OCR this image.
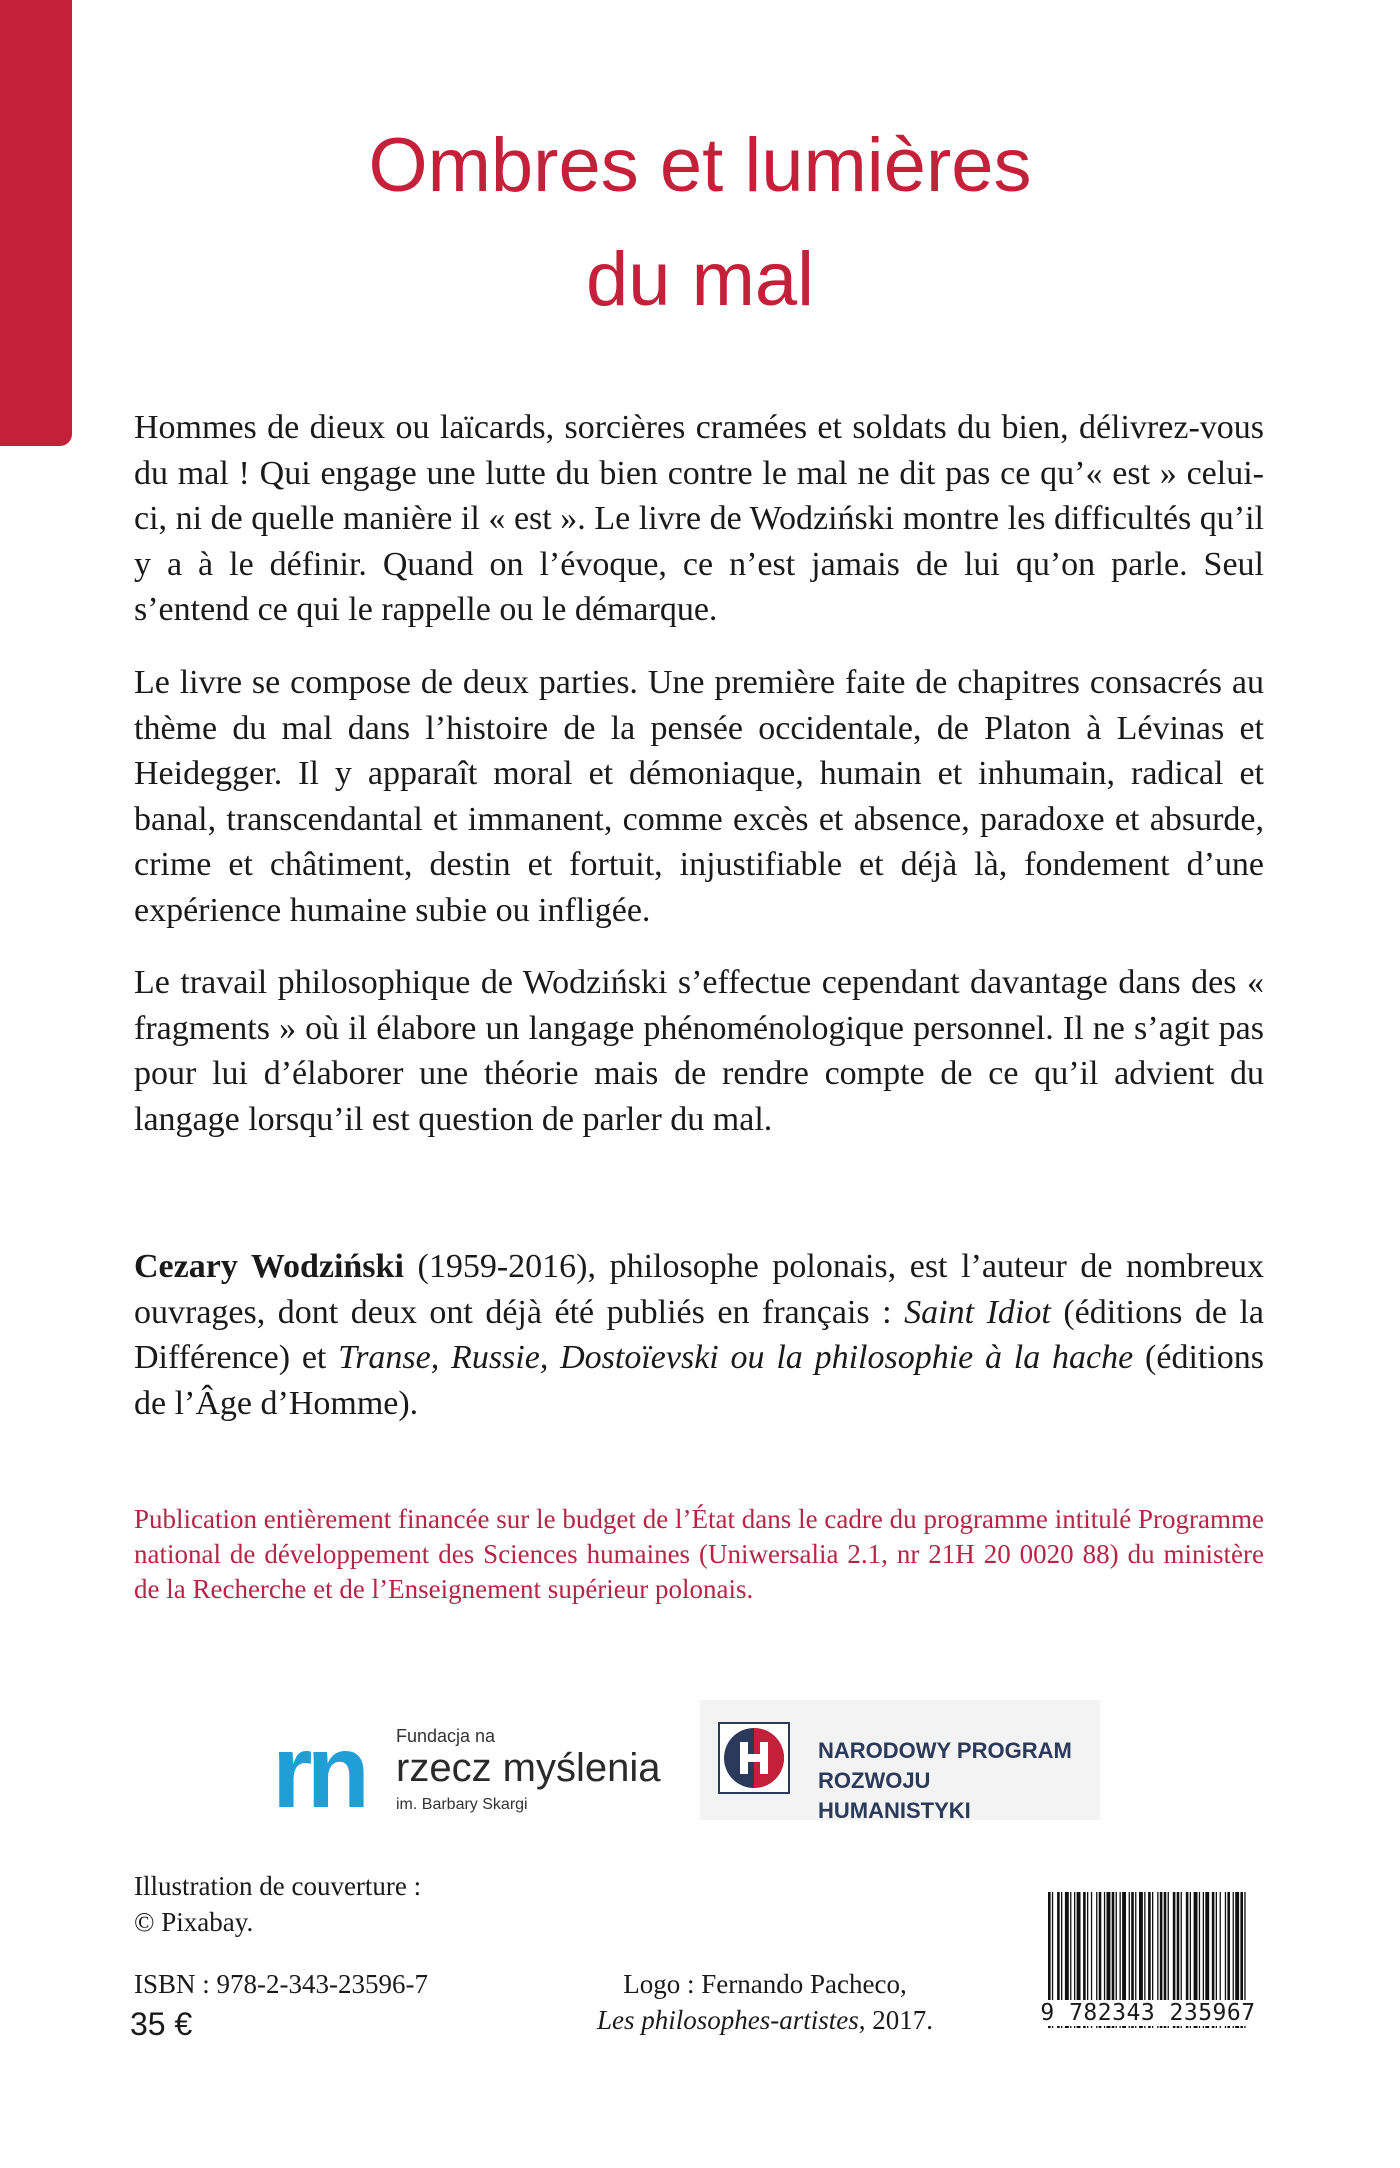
Ombres et lumières
du mal

Hommes de dieux ou laïcards, sorcières cramées et soldats du bien, délivrez-vous du mal ! Qui engage une lutte du bien contre le mal ne dit pas ce qu’« est » celui-ci, ni de quelle manière il « est ». Le livre de Wodziński montre les difficultés qu’il y a à le définir. Quand on l’évoque, ce n’est jamais de lui qu’on parle. Seul s’entend ce qui le rappelle ou le démarque.

Le livre se compose de deux parties. Une première faite de chapitres consacrés au thème du mal dans l’histoire de la pensée occidentale, de Platon à Lévinas et Heidegger. Il y apparaît moral et démoniaque, humain et inhumain, radical et banal, transcendantal et immanent, comme excès et absence, paradoxe et absurde, crime et châtiment, destin et fortuit, injustifiable et déjà là, fondement d’une expérience humaine subie ou infligée.

Le travail philosophique de Wodziński s’effectue cependant davantage dans des « fragments » où il élabore un langage phénoménologique personnel. Il ne s’agit pas pour lui d’élaborer une théorie mais de rendre compte de ce qu’il advient du langage lorsqu’il est question de parler du mal.

Cezary Wodziński (1959-2016), philosophe polonais, est l’auteur de nombreux ouvrages, dont deux ont déjà été publiés en français : Saint Idiot (éditions de la Différence) et Transe, Russie, Dostoïevski ou la philosophie à la hache (éditions de l’Âge d’Homme).

Publication entièrement financée sur le budget de l’État dans le cadre du programme intitulé Programme national de développement des Sciences humaines (Uniwersalia 2.1, nr 21H 20 0020 88) du ministère de la Recherche et de l’Enseignement supérieur polonais.

rn Fundacja na
rzecz myślenia
im. Barbary Skargi
NARODOWY PROGRAM
ROZWOJU HUMANISTYKI

Illustration de couverture :
© Pixabay.

ISBN : 978-2-343-23596-7

35 €

Logo : Fernando Pacheco,
Les philosophes-artistes, 2017.	9 782343 235967
